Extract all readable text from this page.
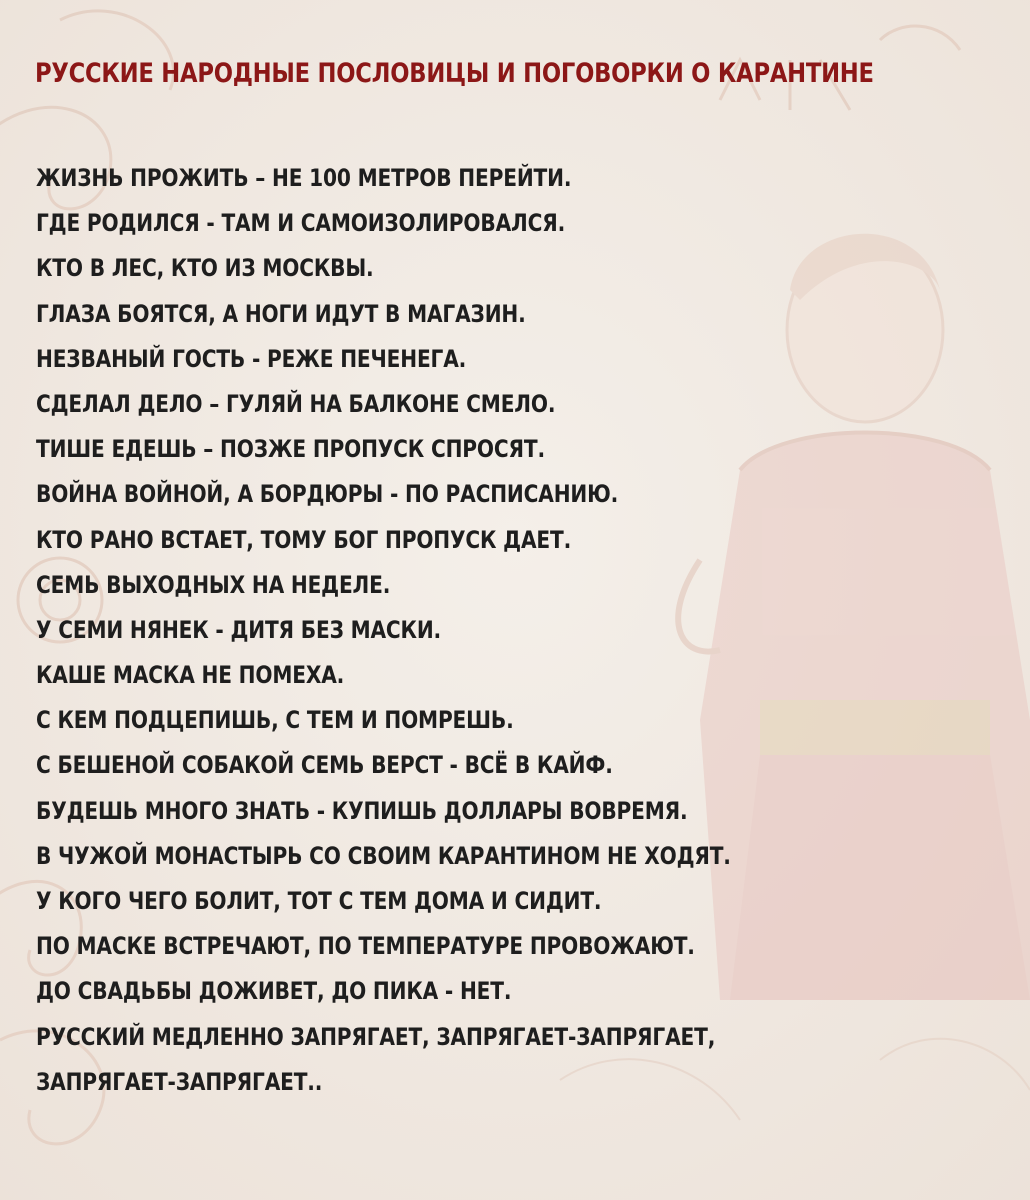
РУССКИЕ НАРОДНЫЕ ПОСЛОВИЦЫ И ПОГОВОРКИ О КАРАНТИНЕ
ЖИЗНЬ ПРОЖИТЬ – НЕ 100 МЕТРОВ ПЕРЕЙТИ.
ГДЕ РОДИЛСЯ - ТАМ И САМОИЗОЛИРОВАЛСЯ.
КТО В ЛЕС, КТО ИЗ МОСКВЫ.
ГЛАЗА БОЯТСЯ, А НОГИ ИДУТ В МАГАЗИН.
НЕЗВАНЫЙ ГОСТЬ - РЕЖЕ ПЕЧЕНЕГА.
СДЕЛАЛ ДЕЛО – ГУЛЯЙ НА БАЛКОНЕ СМЕЛО.
ТИШЕ ЕДЕШЬ – ПОЗЖЕ ПРОПУСК СПРОСЯТ.
ВОЙНА ВОЙНОЙ, А БОРДЮРЫ - ПО РАСПИСАНИЮ.
КТО РАНО ВСТАЕТ, ТОМУ БОГ ПРОПУСК ДАЕТ.
СЕМЬ ВЫХОДНЫХ НА НЕДЕЛЕ.
У СЕМИ НЯНЕК - ДИТЯ БЕЗ МАСКИ.
КАШЕ МАСКА НЕ ПОМЕХА.
С КЕМ ПОДЦЕПИШЬ, С ТЕМ И ПОМРЕШЬ.
С БЕШЕНОЙ СОБАКОЙ СЕМЬ ВЕРСТ - ВСЁ В КАЙФ.
БУДЕШЬ МНОГО ЗНАТЬ - КУПИШЬ ДОЛЛАРЫ ВОВРЕМЯ.
В ЧУЖОЙ МОНАСТЫРЬ СО СВОИМ КАРАНТИНОМ НЕ ХОДЯТ.
У КОГО ЧЕГО БОЛИТ, ТОТ С ТЕМ ДОМА И СИДИТ.
ПО МАСКЕ ВСТРЕЧАЮТ, ПО ТЕМПЕРАТУРЕ ПРОВОЖАЮТ.
ДО СВАДЬБЫ ДОЖИВЕТ, ДО ПИКА - НЕТ.
РУССКИЙ МЕДЛЕННО ЗАПРЯГАЕТ, ЗАПРЯГАЕТ-ЗАПРЯГАЕТ,
ЗАПРЯГАЕТ-ЗАПРЯГАЕТ..
